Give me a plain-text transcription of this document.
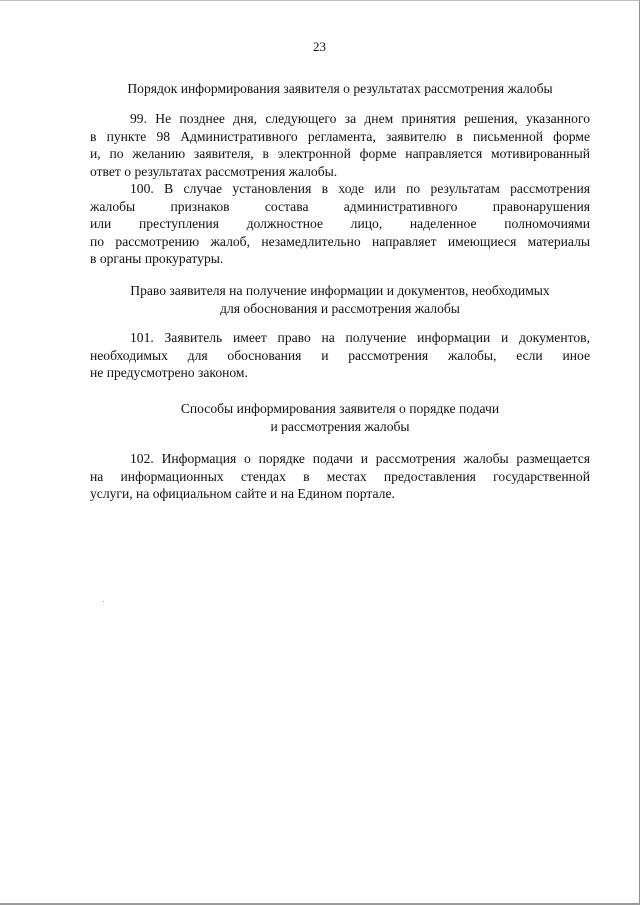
23
Порядок информирования заявителя о результатах рассмотрения жалобы
99. Не позднее дня, следующего за днем принятия решения, указанного
в пункте 98 Административного регламента, заявителю в письменной форме
и, по желанию заявителя, в электронной форме направляется мотивированный
ответ о результатах рассмотрения жалобы.
100. В случае установления в ходе или по результатам рассмотрения
жалобы признаков состава административного правонарушения
или преступления должностное лицо, наделенное полномочиями
по рассмотрению жалоб, незамедлительно направляет имеющиеся материалы
в органы прокуратуры.
Право заявителя на получение информации и документов, необходимых
для обоснования и рассмотрения жалобы
101. Заявитель имеет право на получение информации и документов,
необходимых для обоснования и рассмотрения жалобы, если иное
не предусмотрено законом.
Способы информирования заявителя о порядке подачи
и рассмотрения жалобы
102. Информация о порядке подачи и рассмотрения жалобы размещается
на информационных стендах в местах предоставления государственной
услуги, на официальном сайте и на Едином портале.
